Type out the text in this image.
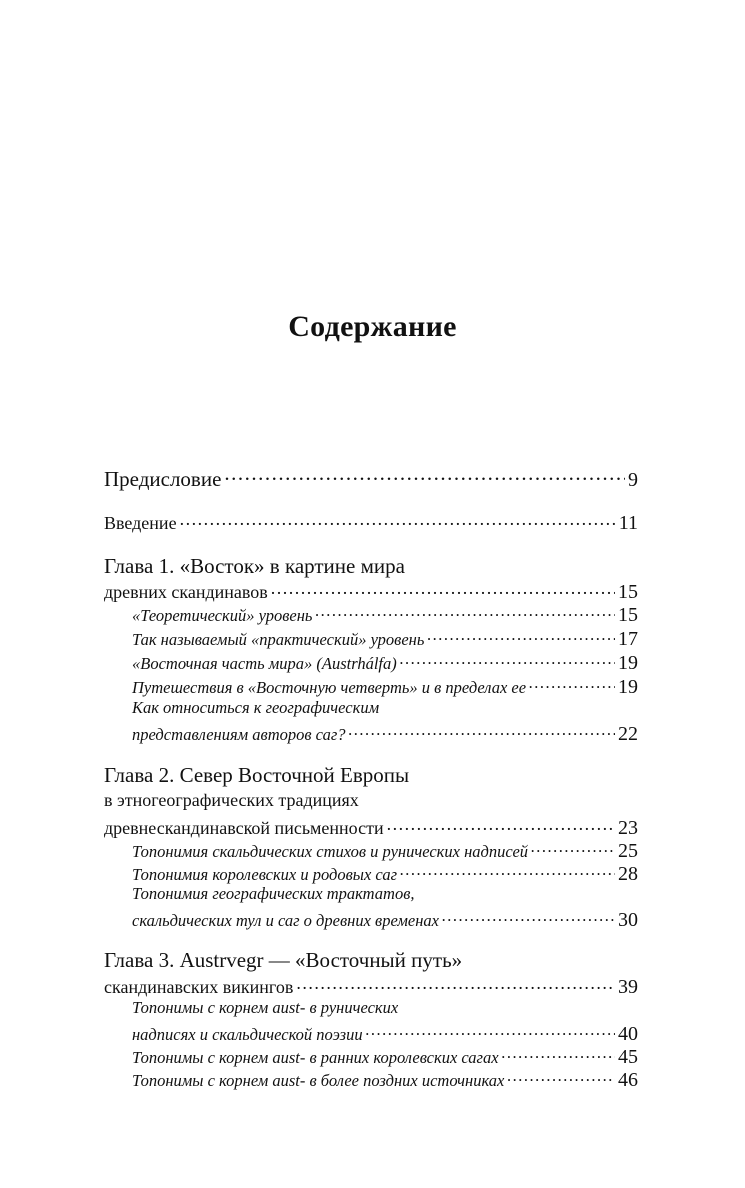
Содержание
Предисловие .....	9
Введение .....	11
Глава 1. «Восток» в картине мира
древних скандинавов .....	15
«Теоретический» уровень .....	15
Так называемый «практический» уровень .....	17
«Восточная часть мира» (Austrhálfa) .....	19
Путешествия в «Восточную четверть» и в пределах ее .....	19
Как относиться к географическим
представлениям авторов саг? .....	22
Глава 2. Север Восточной Европы
в этногеографических традициях
древнескандинавской письменности .....	23
Топонимия скальдических стихов и рунических надписей .....	25
Топонимия королевских и родовых саг .....	28
Топонимия географических трактатов,
скальдических тул и саг о древних временах .....	30
Глава 3. Austrvegr — «Восточный путь»
скандинавских викингов .....	39
Топонимы с корнем aust- в рунических
надписях и скальдической поэзии .....	40
Топонимы с корнем aust- в ранних королевских сагах .....	45
Топонимы с корнем aust- в более поздних источниках .....	46
